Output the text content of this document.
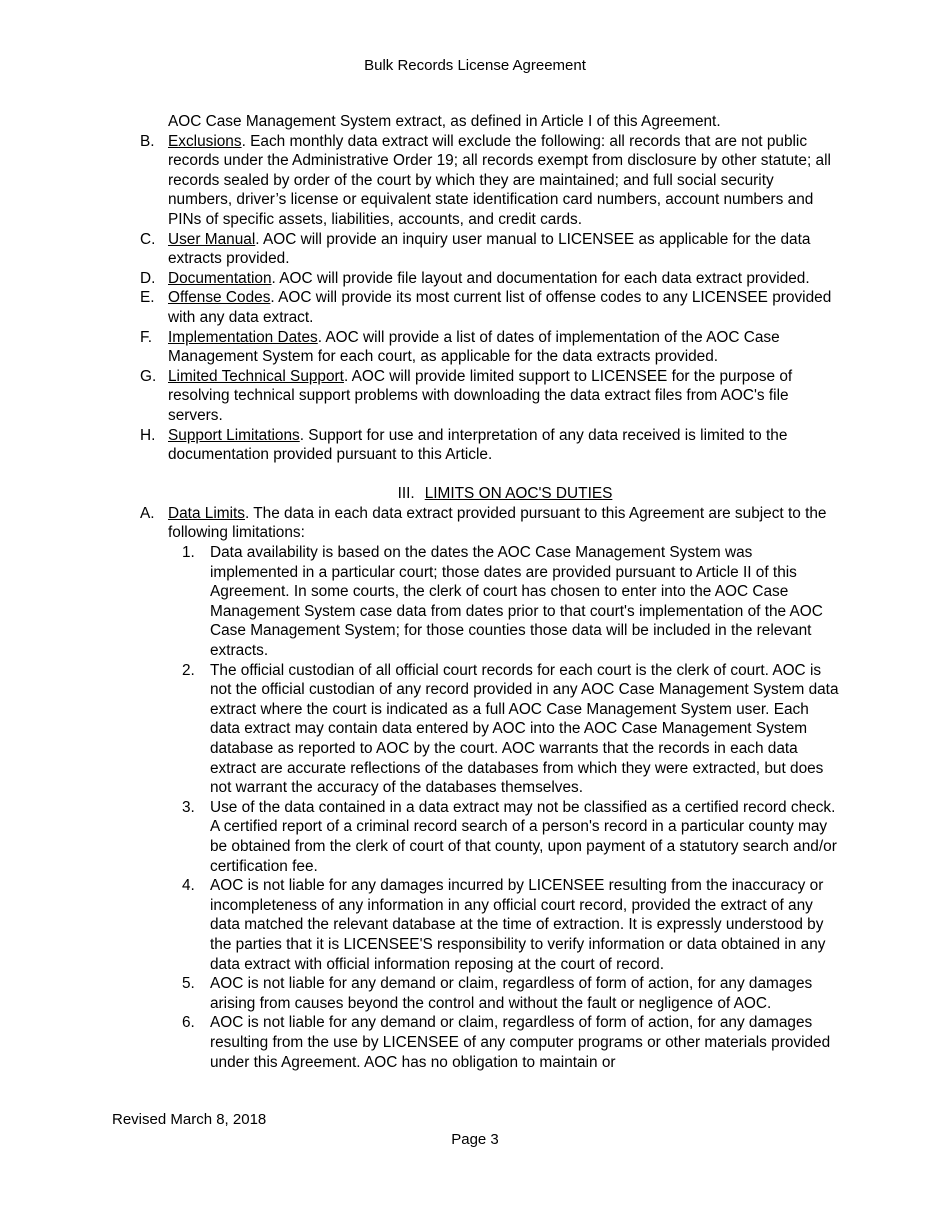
Bulk Records License Agreement
AOC Case Management System extract, as defined in Article I of this Agreement.
B. Exclusions. Each monthly data extract will exclude the following: all records that are not public records under the Administrative Order 19; all records exempt from disclosure by other statute; all records sealed by order of the court by which they are maintained; and full social security numbers, driver’s license or equivalent state identification card numbers, account numbers and PINs of specific assets, liabilities, accounts, and credit cards.
C. User Manual. AOC will provide an inquiry user manual to LICENSEE as applicable for the data extracts provided.
D. Documentation. AOC will provide file layout and documentation for each data extract provided.
E. Offense Codes. AOC will provide its most current list of offense codes to any LICENSEE provided with any data extract.
F.	Implementation Dates. AOC will provide a list of dates of implementation of the AOC Case Management System for each court, as applicable for the data extracts provided.
G. Limited Technical Support. AOC will provide limited support to LICENSEE for the purpose of resolving technical support problems with downloading the data extract files from AOC's file servers.
H. Support Limitations. Support for use and interpretation of any data received is limited to the documentation provided pursuant to this Article.
III. LIMITS ON AOC'S DUTIES
A. Data Limits. The data in each data extract provided pursuant to this Agreement are subject to the following limitations:
1. Data availability is based on the dates the AOC Case Management System was implemented in a particular court; those dates are provided pursuant to Article II of this Agreement. In some courts, the clerk of court has chosen to enter into the AOC Case Management System case data from dates prior to that court's implementation of the AOC Case Management System; for those counties those data will be included in the relevant extracts.
2. The official custodian of all official court records for each court is the clerk of court. AOC is not the official custodian of any record provided in any AOC Case Management System data extract where the court is indicated as a full AOC Case Management System user. Each data extract may contain data entered by AOC into the AOC Case Management System database as reported to AOC by the court. AOC warrants that the records in each data extract are accurate reflections of the databases from which they were extracted, but does not warrant the accuracy of the databases themselves.
3. Use of the data contained in a data extract may not be classified as a certified record check. A certified report of a criminal record search of a person's record in a particular county may be obtained from the clerk of court of that county, upon payment of a statutory search and/or certification fee.
4. AOC is not liable for any damages incurred by LICENSEE resulting from the inaccuracy or incompleteness of any information in any official court record, provided the extract of any data matched the relevant database at the time of extraction. It is expressly understood by the parties that it is LICENSEE'S responsibility to verify information or data obtained in any data extract with official information reposing at the court of record.
5. AOC is not liable for any demand or claim, regardless of form of action, for any damages arising from causes beyond the control and without the fault or negligence of AOC.
6. AOC is not liable for any demand or claim, regardless of form of action, for any damages resulting from the use by LICENSEE of any computer programs or other materials provided under this Agreement. AOC has no obligation to maintain or
Revised March 8, 2018
Page 3
